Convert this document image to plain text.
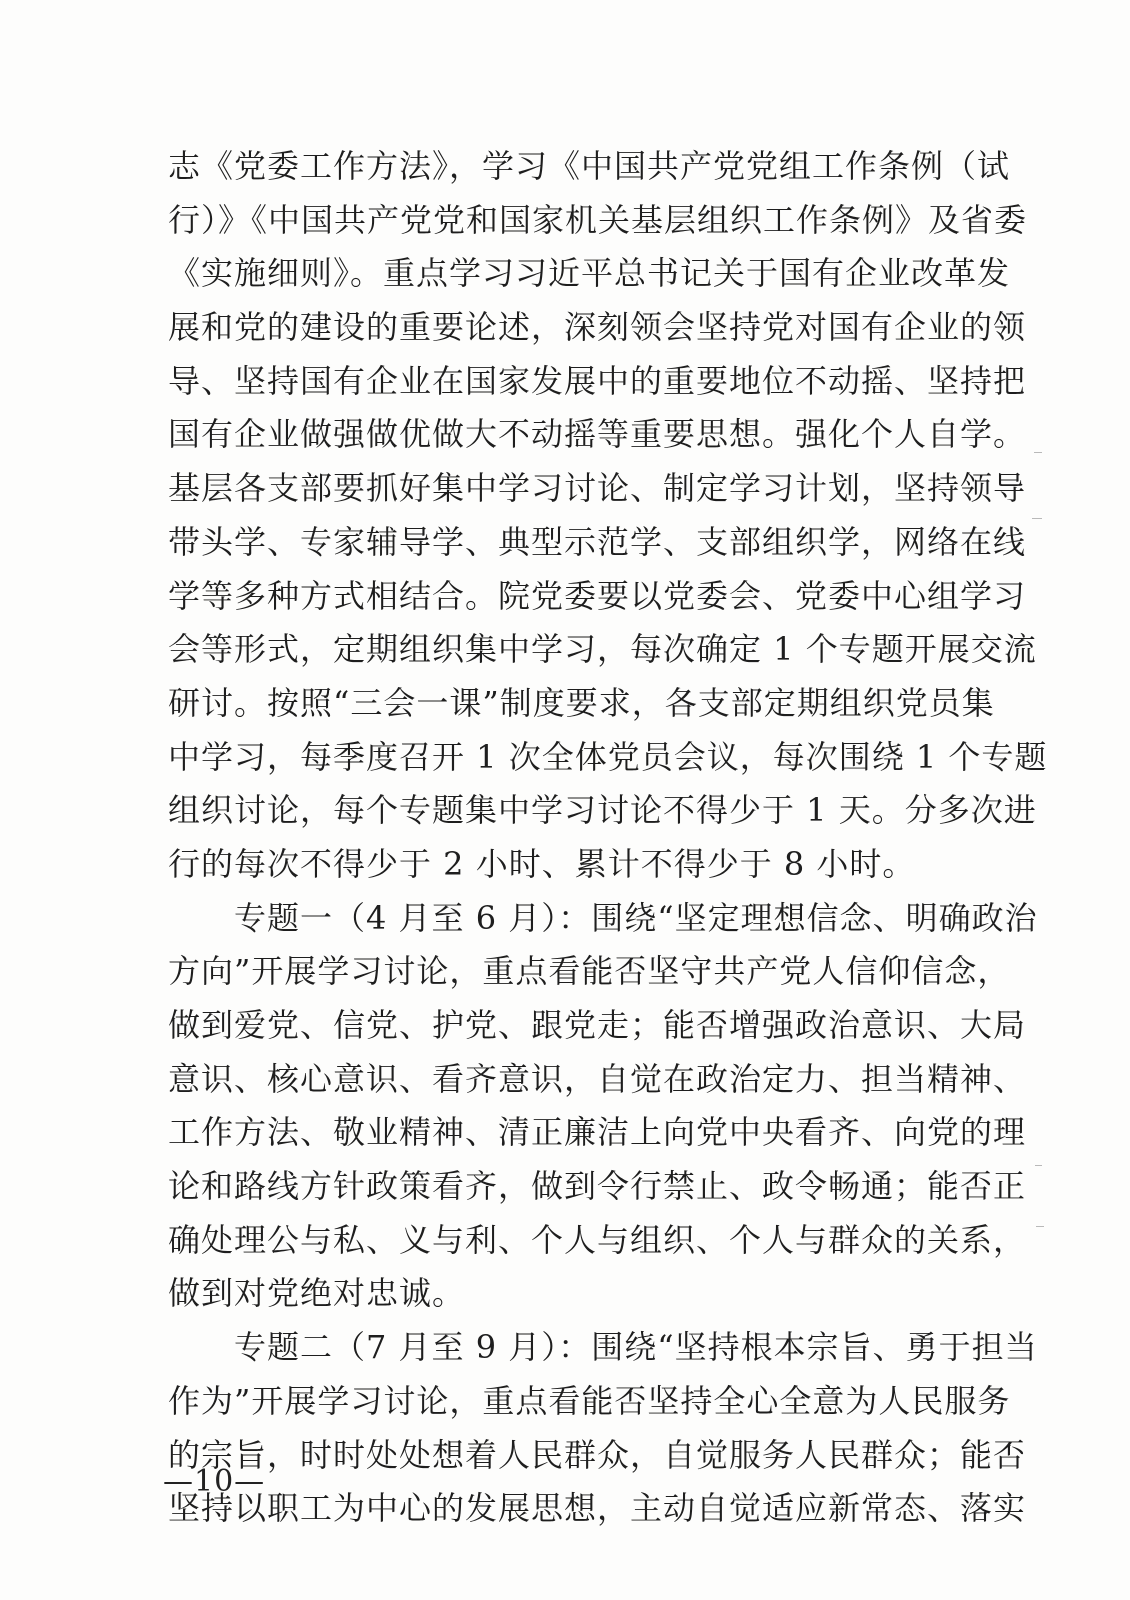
志《党委工作方法》，学习《中国共产党党组工作条例（试
行）》《中国共产党党和国家机关基层组织工作条例》及省委
《实施细则》。重点学习习近平总书记关于国有企业改革发
展和党的建设的重要论述，深刻领会坚持党对国有企业的领
导、坚持国有企业在国家发展中的重要地位不动摇、坚持把
国有企业做强做优做大不动摇等重要思想。强化个人自学。
基层各支部要抓好集中学习讨论、制定学习计划，坚持领导
带头学、专家辅导学、典型示范学、支部组织学，网络在线
学等多种方式相结合。院党委要以党委会、党委中心组学习
会等形式，定期组织集中学习，每次确定 1 个专题开展交流
研讨。按照“三会一课”制度要求，各支部定期组织党员集
中学习，每季度召开 1 次全体党员会议，每次围绕 1 个专题
组织讨论，每个专题集中学习讨论不得少于 1 天。分多次进
行的每次不得少于 2 小时、累计不得少于 8 小时。
　　专题一（4 月至 6 月）：围绕“坚定理想信念、明确政治
方向”开展学习讨论，重点看能否坚守共产党人信仰信念，
做到爱党、信党、护党、跟党走；能否增强政治意识、大局
意识、核心意识、看齐意识，自觉在政治定力、担当精神、
工作方法、敬业精神、清正廉洁上向党中央看齐、向党的理
论和路线方针政策看齐，做到令行禁止、政令畅通；能否正
确处理公与私、义与利、个人与组织、个人与群众的关系，
做到对党绝对忠诚。
　　专题二（7 月至 9 月）：围绕“坚持根本宗旨、勇于担当
作为”开展学习讨论，重点看能否坚持全心全意为人民服务
的宗旨，时时处处想着人民群众，自觉服务人民群众；能否
坚持以职工为中心的发展思想，主动自觉适应新常态、落实
—10—
